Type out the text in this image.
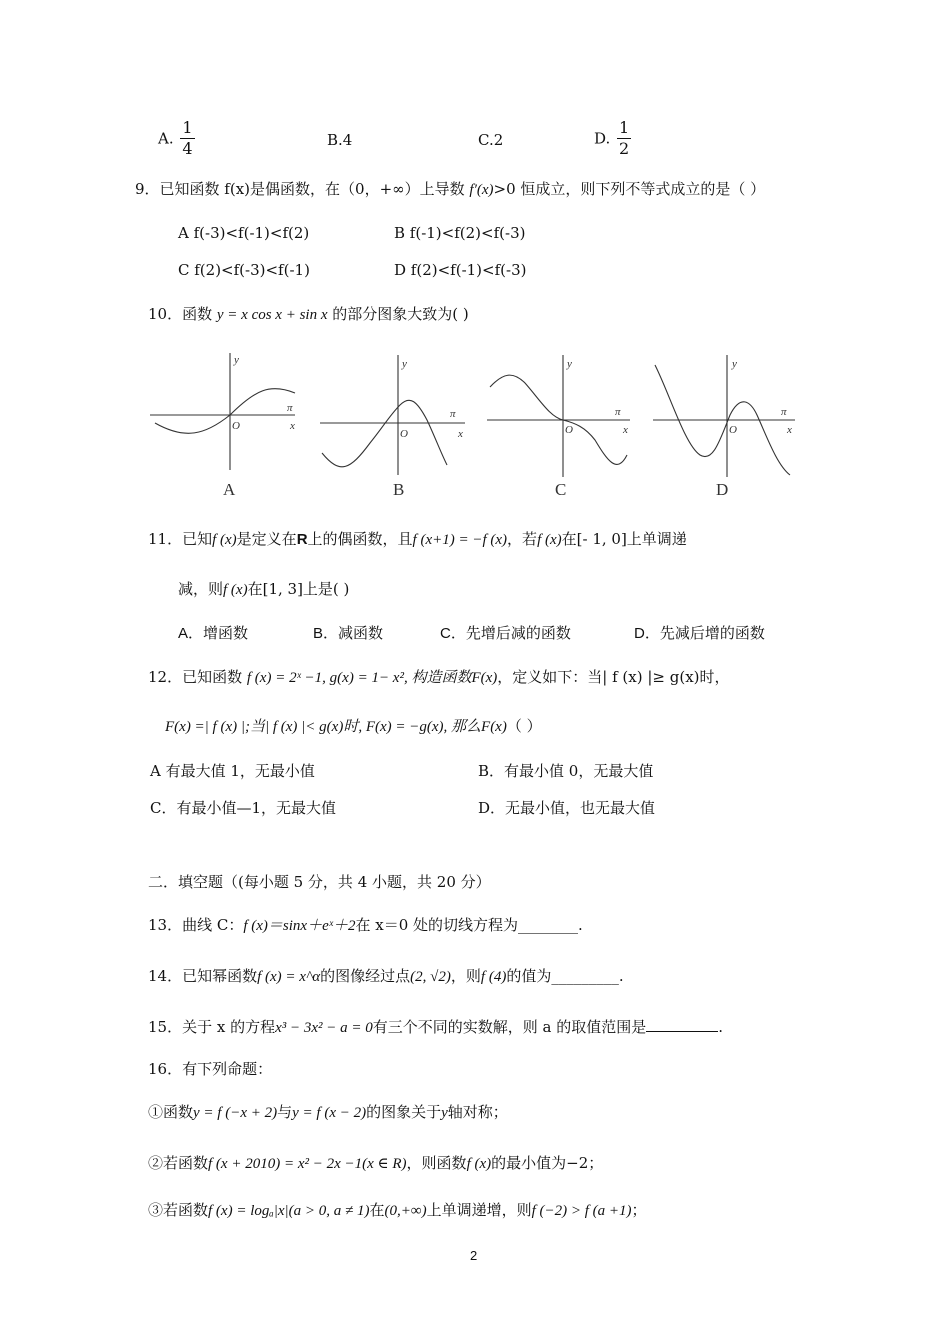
A. $\frac{1}{4}$	B.4	C.2	D. $\frac{1}{2}$
9．已知函数 f(x)是偶函数，在（0，+∞）上导数 f′(x)>0 恒成立，则下列不等式成立的是（ ）
A f(-3)<f(-1)<f(2)	B f(-1)<f(2)<f(-3)
C f(2)<f(-3)<f(-1)	D f(2)<f(-1)<f(-3)
10．函数 y = x cos x + sin x 的部分图象大致为( )
y
O	x
π
y
O	x
π
y
O	x
π
y
O	x
π
A	B	C	D
11．已知f (x)是定义在R上的偶函数，且f (x+1) = −f (x)，若f (x)在[- 1, 0]上单调递
减，则f (x)在[1, 3]上是( )
A．增函数	B．减函数	C．先增后减的函数	D．先减后增的函数
12．已知函数 f (x) = 2ˣ −1, g(x) = 1− x², 构造函数F(x)，定义如下：当| f (x) |≥ g(x)时，
F(x) =| f (x) |;当| f (x) |< g(x)时, F(x) = −g(x), 那么F(x)（ ）
A 有最大值 1，无最小值	B．有最小值 0，无最大值
C．有最小值—1，无最大值	D．无最小值，也无最大值
二．填空题（(每小题 5 分，共 4 小题，共 20 分）
13．曲线 C：f (x)＝sinx＋eˣ＋2在 x＝0 处的切线方程为________.
14．已知幂函数f (x) = x^α的图像经过点(2, √2)，则f (4)的值为_________.
15．关于 x 的方程x³ − 3x² − a = 0有三个不同的实数解，则 a 的取值范围是	.
16．有下列命题：
①函数y = f (−x + 2)与y = f (x − 2)的图象关于y轴对称；
②若函数f (x + 2010) = x² − 2x −1(x ∈ R)，则函数f (x)的最小值为−2；
③若函数f (x) = logₐ|x|(a > 0, a ≠ 1)在(0,+∞)上单调递增，则f (−2) > f (a +1)；
2
